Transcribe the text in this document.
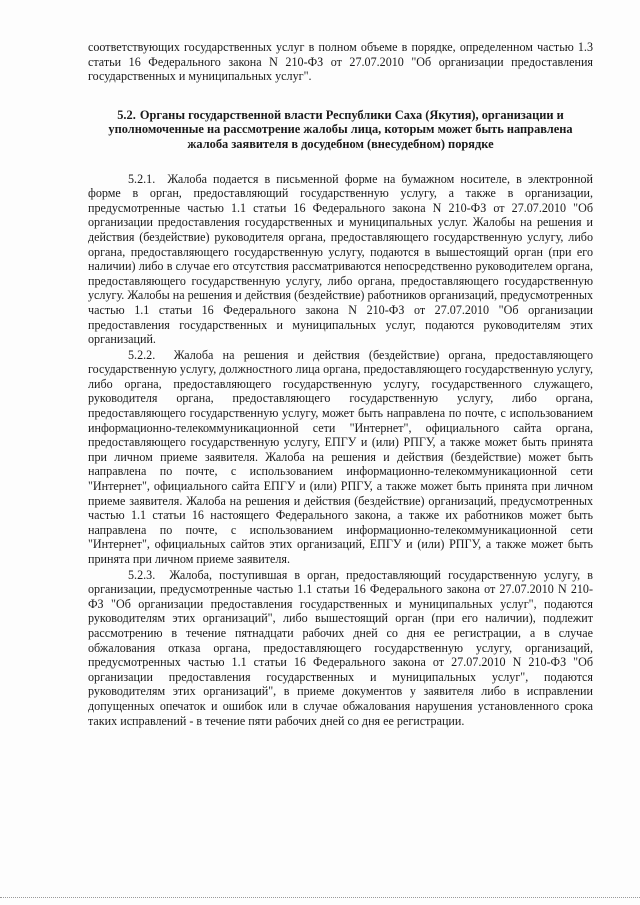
соответствующих государственных услуг в полном объеме в порядке, определенном частью 1.3 статьи 16 Федерального закона N 210-ФЗ от 27.07.2010 "Об организации предоставления государственных и муниципальных услуг".

5.2. Органы государственной власти Республики Саха (Якутия), организации и уполномоченные на рассмотрение жалобы лица, которым может быть направлена жалоба заявителя в досудебном (внесудебном) порядке

5.2.1. Жалоба подается в письменной форме на бумажном носителе, в электронной форме в орган, предоставляющий государственную услугу, а также в организации, предусмотренные частью 1.1 статьи 16 Федерального закона N 210-ФЗ от 27.07.2010 "Об организации предоставления государственных и муниципальных услуг. Жалобы на решения и действия (бездействие) руководителя органа, предоставляющего государственную услугу, либо органа, предоставляющего государственную услугу, подаются в вышестоящий орган (при его наличии) либо в случае его отсутствия рассматриваются непосредственно руководителем органа, предоставляющего государственную услугу, либо органа, предоставляющего государственную услугу. Жалобы на решения и действия (бездействие) работников организаций, предусмотренных частью 1.1 статьи 16 Федерального закона N 210-ФЗ от 27.07.2010 "Об организации предоставления государственных и муниципальных услуг, подаются руководителям этих организаций.

5.2.2. Жалоба на решения и действия (бездействие) органа, предоставляющего государственную услугу, должностного лица органа, предоставляющего государственную услугу, либо органа, предоставляющего государственную услугу, государственного служащего, руководителя органа, предоставляющего государственную услугу, либо органа, предоставляющего государственную услугу, может быть направлена по почте, с использованием информационно-телекоммуникационной сети "Интернет", официального сайта органа, предоставляющего государственную услугу, ЕПГУ и (или) РПГУ, а также может быть принята при личном приеме заявителя. Жалоба на решения и действия (бездействие) может быть направлена по почте, с использованием информационно-телекоммуникационной сети "Интернет", официального сайта ЕПГУ и (или) РПГУ, а также может быть принята при личном приеме заявителя. Жалоба на решения и действия (бездействие) организаций, предусмотренных частью 1.1 статьи 16 настоящего Федерального закона, а также их работников может быть направлена по почте, с использованием информационно-телекоммуникационной сети "Интернет", официальных сайтов этих организаций, ЕПГУ и (или) РПГУ, а также может быть принята при личном приеме заявителя.

5.2.3. Жалоба, поступившая в орган, предоставляющий государственную услугу, в организации, предусмотренные частью 1.1 статьи 16 Федерального закона от 27.07.2010 N 210-ФЗ "Об организации предоставления государственных и муниципальных услуг", подаются руководителям этих организаций", либо вышестоящий орган (при его наличии), подлежит рассмотрению в течение пятнадцати рабочих дней со дня ее регистрации, а в случае обжалования отказа органа, предоставляющего государственную услугу, организаций, предусмотренных частью 1.1 статьи 16 Федерального закона от 27.07.2010 N 210-ФЗ "Об организации предоставления государственных и муниципальных услуг", подаются руководителям этих организаций", в приеме документов у заявителя либо в исправлении допущенных опечаток и ошибок или в случае обжалования нарушения установленного срока таких исправлений - в течение пяти рабочих дней со дня ее регистрации.
